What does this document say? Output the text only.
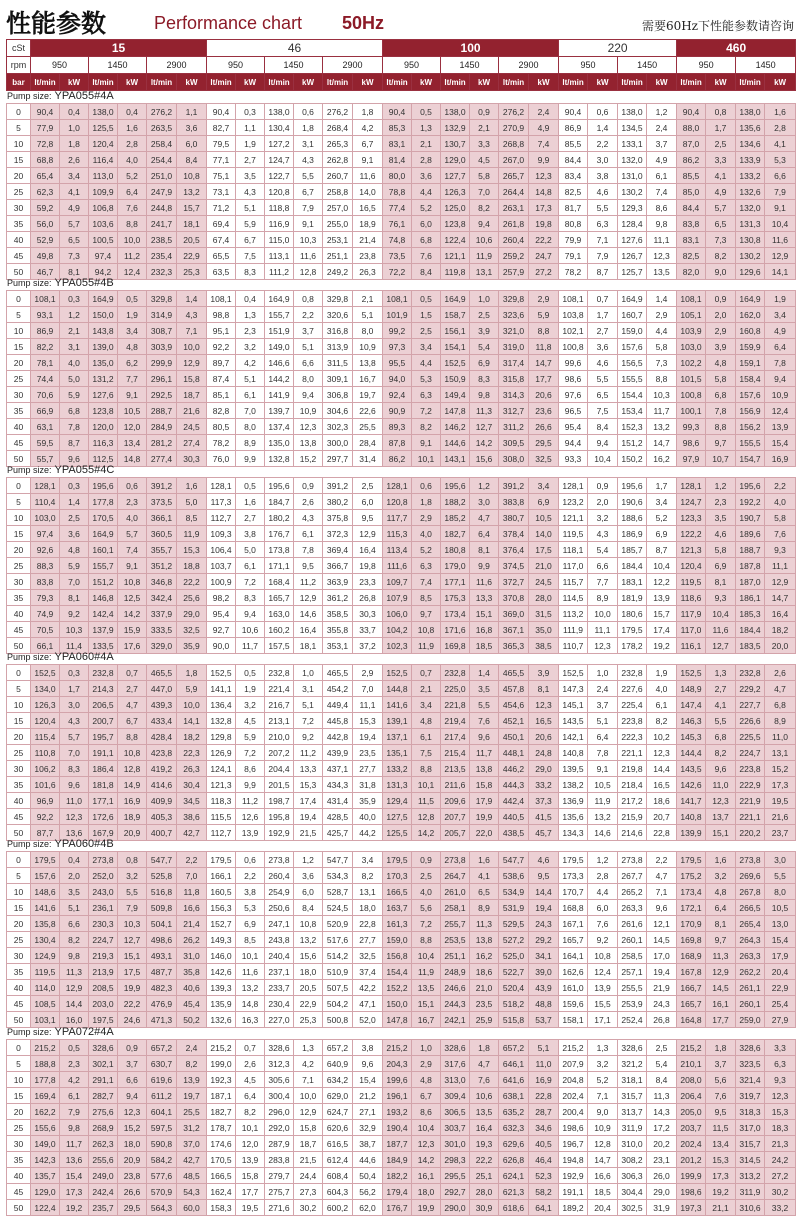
性能参数	Performance chart 50Hz	需要60Hz下性能参数请咨询
cSt	15						46						100						220				460			
rpm	950		1450		2900		950		1450		2900		950		1450		2900		950		1450		950		1450	
bar	lt/min	kW	lt/min	kW	lt/min	kW	lt/min	kW	lt/min	kW	lt/min	kW	lt/min	kW	lt/min	kW	lt/min	kW	lt/min	kW	lt/min	kW	lt/min	kW	lt/min	kW
Pump size: YPA055#4A
0	90,4	0,4	138,0	0,4	276,2	1,1	90,4	0,3	138,0	0,6	276,2	1,8	90,4	0,5	138,0	0,9	276,2	2,4	90,4	0,6	138,0	1,2	90,4	0,8	138,0	1,6
5	77,9	1,0	125,5	1,6	263,5	3,6	82,7	1,1	130,4	1,8	268,4	4,2	85,3	1,3	132,9	2,1	270,9	4,9	86,9	1,4	134,5	2,4	88,0	1,7	135,6	2,8
10	72,8	1,8	120,4	2,8	258,4	6,0	79,5	1,9	127,2	3,1	265,3	6,7	83,1	2,1	130,7	3,3	268,8	7,4	85,5	2,2	133,1	3,7	87,0	2,5	134,6	4,1
15	68,8	2,6	116,4	4,0	254,4	8,4	77,1	2,7	124,7	4,3	262,8	9,1	81,4	2,8	129,0	4,5	267,0	9,9	84,4	3,0	132,0	4,9	86,2	3,3	133,9	5,3
20	65,4	3,4	113,0	5,2	251,0	10,8	75,1	3,5	122,7	5,5	260,7	11,6	80,0	3,6	127,7	5,8	265,7	12,3	83,4	3,8	131,0	6,1	85,5	4,1	133,2	6,6
25	62,3	4,1	109,9	6,4	247,9	13,2	73,1	4,3	120,8	6,7	258,8	14,0	78,8	4,4	126,3	7,0	264,4	14,8	82,5	4,6	130,2	7,4	85,0	4,9	132,6	7,9
30	59,2	4,9	106,8	7,6	244,8	15,7	71,2	5,1	118,8	7,9	257,0	16,5	77,4	5,2	125,0	8,2	263,1	17,3	81,7	5,5	129,3	8,6	84,4	5,7	132,0	9,1
35	56,0	5,7	103,6	8,8	241,7	18,1	69,4	5,9	116,9	9,1	255,0	18,9	76,1	6,0	123,8	9,4	261,8	19,8	80,8	6,3	128,4	9,8	83,8	6,5	131,3	10,4
40	52,9	6,5	100,5	10,0	238,5	20,5	67,4	6,7	115,0	10,3	253,1	21,4	74,8	6,8	122,4	10,6	260,4	22,2	79,9	7,1	127,6	11,1	83,1	7,3	130,8	11,6
45	49,8	7,3	97,4	11,2	235,4	22,9	65,5	7,5	113,1	11,6	251,1	23,8	73,5	7,6	121,1	11,9	259,2	24,7	79,1	7,9	126,7	12,3	82,5	8,2	130,2	12,9
50	46,7	8,1	94,2	12,4	232,3	25,3	63,5	8,3	111,2	12,8	249,2	26,3	72,2	8,4	119,8	13,1	257,9	27,2	78,2	8,7	125,7	13,5	82,0	9,0	129,6	14,1
Pump size: YPA055#4B
0	108,1	0,3	164,9	0,5	329,8	1,4	108,1	0,4	164,9	0,8	329,8	2,1	108,1	0,5	164,9	1,0	329,8	2,9	108,1	0,7	164,9	1,4	108,1	0,9	164,9	1,9
5	93,1	1,2	150,0	1,9	314,9	4,3	98,8	1,3	155,7	2,2	320,6	5,1	101,9	1,5	158,7	2,5	323,6	5,9	103,8	1,7	160,7	2,9	105,1	2,0	162,0	3,4
10	86,9	2,1	143,8	3,4	308,7	7,1	95,1	2,3	151,9	3,7	316,8	8,0	99,2	2,5	156,1	3,9	321,0	8,8	102,1	2,7	159,0	4,4	103,9	2,9	160,8	4,9
15	82,2	3,1	139,0	4,8	303,9	10,0	92,2	3,2	149,0	5,1	313,9	10,9	97,3	3,4	154,1	5,4	319,0	11,8	100,8	3,6	157,6	5,8	103,0	3,9	159,9	6,4
20	78,1	4,0	135,0	6,2	299,9	12,9	89,7	4,2	146,6	6,6	311,5	13,8	95,5	4,4	152,5	6,9	317,4	14,7	99,6	4,6	156,5	7,3	102,2	4,8	159,1	7,8
25	74,4	5,0	131,2	7,7	296,1	15,8	87,4	5,1	144,2	8,0	309,1	16,7	94,0	5,3	150,9	8,3	315,8	17,7	98,6	5,5	155,5	8,8	101,5	5,8	158,4	9,4
30	70,6	5,9	127,6	9,1	292,5	18,7	85,1	6,1	141,9	9,4	306,8	19,7	92,4	6,3	149,4	9,8	314,3	20,6	97,6	6,5	154,4	10,3	100,8	6,8	157,6	10,9
35	66,9	6,8	123,8	10,5	288,7	21,6	82,8	7,0	139,7	10,9	304,6	22,6	90,9	7,2	147,8	11,3	312,7	23,6	96,5	7,5	153,4	11,7	100,1	7,8	156,9	12,4
40	63,1	7,8	120,0	12,0	284,9	24,5	80,5	8,0	137,4	12,3	302,3	25,5	89,3	8,2	146,2	12,7	311,2	26,6	95,4	8,4	152,3	13,2	99,3	8,8	156,2	13,9
45	59,5	8,7	116,3	13,4	281,2	27,4	78,2	8,9	135,0	13,8	300,0	28,4	87,8	9,1	144,6	14,2	309,5	29,5	94,4	9,4	151,2	14,7	98,6	9,7	155,5	15,4
50	55,7	9,6	112,5	14,8	277,4	30,3	76,0	9,9	132,8	15,2	297,7	31,4	86,2	10,1	143,1	15,6	308,0	32,5	93,3	10,4	150,2	16,2	97,9	10,7	154,7	16,9
Pump size: YPA055#4C
0	128,1	0,3	195,6	0,6	391,2	1,6	128,1	0,5	195,6	0,9	391,2	2,5	128,1	0,6	195,6	1,2	391,2	3,4	128,1	0,9	195,6	1,7	128,1	1,2	195,6	2,2
5	110,4	1,4	177,8	2,3	373,5	5,0	117,3	1,6	184,7	2,6	380,2	6,0	120,8	1,8	188,2	3,0	383,8	6,9	123,2	2,0	190,6	3,4	124,7	2,3	192,2	4,0
10	103,0	2,5	170,5	4,0	366,1	8,5	112,7	2,7	180,2	4,3	375,8	9,5	117,7	2,9	185,2	4,7	380,7	10,5	121,1	3,2	188,6	5,2	123,3	3,5	190,7	5,8
15	97,4	3,6	164,9	5,7	360,5	11,9	109,3	3,8	176,7	6,1	372,3	12,9	115,3	4,0	182,7	6,4	378,4	14,0	119,5	4,3	186,9	6,9	122,2	4,6	189,6	7,6
20	92,6	4,8	160,1	7,4	355,7	15,3	106,4	5,0	173,8	7,8	369,4	16,4	113,4	5,2	180,8	8,1	376,4	17,5	118,1	5,4	185,7	8,7	121,3	5,8	188,7	9,3
25	88,3	5,9	155,7	9,1	351,2	18,8	103,7	6,1	171,1	9,5	366,7	19,8	111,6	6,3	179,0	9,9	374,5	21,0	117,0	6,6	184,4	10,4	120,4	6,9	187,8	11,1
30	83,8	7,0	151,2	10,8	346,8	22,2	100,9	7,2	168,4	11,2	363,9	23,3	109,7	7,4	177,1	11,6	372,7	24,5	115,7	7,7	183,1	12,2	119,5	8,1	187,0	12,9
35	79,3	8,1	146,8	12,5	342,4	25,6	98,2	8,3	165,7	12,9	361,2	26,8	107,9	8,5	175,3	13,3	370,8	28,0	114,5	8,9	181,9	13,9	118,6	9,3	186,1	14,7
40	74,9	9,2	142,4	14,2	337,9	29,0	95,4	9,4	163,0	14,6	358,5	30,3	106,0	9,7	173,4	15,1	369,0	31,5	113,2	10,0	180,6	15,7	117,9	10,4	185,3	16,4
45	70,5	10,3	137,9	15,9	333,5	32,5	92,7	10,6	160,2	16,4	355,8	33,7	104,2	10,8	171,6	16,8	367,1	35,0	111,9	11,1	179,5	17,4	117,0	11,6	184,4	18,2
50	66,1	11,4	133,5	17,6	329,0	35,9	90,0	11,7	157,5	18,1	353,1	37,2	102,3	11,9	169,8	18,5	365,3	38,5	110,7	12,3	178,2	19,2	116,1	12,7	183,5	20,0
Pump size: YPA060#4A
0	152,5	0,3	232,8	0,7	465,5	1,8	152,5	0,5	232,8	1,0	465,5	2,9	152,5	0,7	232,8	1,4	465,5	3,9	152,5	1,0	232,8	1,9	152,5	1,3	232,8	2,6
5	134,0	1,7	214,3	2,7	447,0	5,9	141,1	1,9	221,4	3,1	454,2	7,0	144,8	2,1	225,0	3,5	457,8	8,1	147,3	2,4	227,6	4,0	148,9	2,7	229,2	4,7
10	126,3	3,0	206,5	4,7	439,3	10,0	136,4	3,2	216,7	5,1	449,4	11,1	141,6	3,4	221,8	5,5	454,6	12,3	145,1	3,7	225,4	6,1	147,4	4,1	227,7	6,8
15	120,4	4,3	200,7	6,7	433,4	14,1	132,8	4,5	213,1	7,2	445,8	15,3	139,1	4,8	219,4	7,6	452,1	16,5	143,5	5,1	223,8	8,2	146,3	5,5	226,6	8,9
20	115,4	5,7	195,7	8,8	428,4	18,2	129,8	5,9	210,0	9,2	442,8	19,4	137,1	6,1	217,4	9,6	450,1	20,6	142,1	6,4	222,3	10,2	145,3	6,8	225,5	11,0
25	110,8	7,0	191,1	10,8	423,8	22,3	126,9	7,2	207,2	11,2	439,9	23,5	135,1	7,5	215,4	11,7	448,1	24,8	140,8	7,8	221,1	12,3	144,4	8,2	224,7	13,1
30	106,2	8,3	186,4	12,8	419,2	26,3	124,1	8,6	204,4	13,3	437,1	27,7	133,2	8,8	213,5	13,8	446,2	29,0	139,5	9,1	219,8	14,4	143,5	9,6	223,8	15,2
35	101,6	9,6	181,8	14,9	414,6	30,4	121,3	9,9	201,5	15,3	434,3	31,8	131,3	10,1	211,6	15,8	444,3	33,2	138,2	10,5	218,4	16,5	142,6	11,0	222,9	17,3
40	96,9	11,0	177,1	16,9	409,9	34,5	118,3	11,2	198,7	17,4	431,4	35,9	129,4	11,5	209,6	17,9	442,4	37,3	136,9	11,9	217,2	18,6	141,7	12,3	221,9	19,5
45	92,2	12,3	172,6	18,9	405,3	38,6	115,5	12,6	195,8	19,4	428,5	40,0	127,5	12,8	207,7	19,9	440,5	41,5	135,6	13,2	215,9	20,7	140,8	13,7	221,1	21,6
50	87,7	13,6	167,9	20,9	400,7	42,7	112,7	13,9	192,9	21,5	425,7	44,2	125,5	14,2	205,7	22,0	438,5	45,7	134,3	14,6	214,6	22,8	139,9	15,1	220,2	23,7
Pump size: YPA060#4B
0	179,5	0,4	273,8	0,8	547,7	2,2	179,5	0,6	273,8	1,2	547,7	3,4	179,5	0,9	273,8	1,6	547,7	4,6	179,5	1,2	273,8	2,2	179,5	1,6	273,8	3,0
5	157,6	2,0	252,0	3,2	525,8	7,0	166,1	2,2	260,4	3,6	534,3	8,2	170,3	2,5	264,7	4,1	538,6	9,5	173,3	2,8	267,7	4,7	175,2	3,2	269,6	5,5
10	148,6	3,5	243,0	5,5	516,8	11,8	160,5	3,8	254,9	6,0	528,7	13,1	166,5	4,0	261,0	6,5	534,9	14,4	170,7	4,4	265,2	7,1	173,4	4,8	267,8	8,0
15	141,6	5,1	236,1	7,9	509,8	16,6	156,3	5,3	250,6	8,4	524,5	18,0	163,7	5,6	258,1	8,9	531,9	19,4	168,8	6,0	263,3	9,6	172,1	6,4	266,5	10,5
20	135,8	6,6	230,3	10,3	504,1	21,4	152,7	6,9	247,1	10,8	520,9	22,8	161,3	7,2	255,7	11,3	529,5	24,3	167,1	7,6	261,6	12,1	170,9	8,1	265,4	13,0
25	130,4	8,2	224,7	12,7	498,6	26,2	149,3	8,5	243,8	13,2	517,6	27,7	159,0	8,8	253,5	13,8	527,2	29,2	165,7	9,2	260,1	14,5	169,8	9,7	264,3	15,4
30	124,9	9,8	219,3	15,1	493,1	31,0	146,0	10,1	240,4	15,6	514,2	32,5	156,8	10,4	251,1	16,2	525,0	34,1	164,1	10,8	258,5	17,0	168,9	11,3	263,3	17,9
35	119,5	11,3	213,9	17,5	487,7	35,8	142,6	11,6	237,1	18,0	510,9	37,4	154,4	11,9	248,9	18,6	522,7	39,0	162,6	12,4	257,1	19,4	167,8	12,9	262,2	20,4
40	114,0	12,9	208,5	19,9	482,3	40,6	139,3	13,2	233,7	20,5	507,5	42,2	152,2	13,5	246,6	21,0	520,4	43,9	161,0	13,9	255,5	21,9	166,7	14,5	261,1	22,9
45	108,5	14,4	203,0	22,2	476,9	45,4	135,9	14,8	230,4	22,9	504,2	47,1	150,0	15,1	244,3	23,5	518,2	48,8	159,6	15,5	253,9	24,3	165,7	16,1	260,1	25,4
50	103,1	16,0	197,5	24,6	471,3	50,2	132,6	16,3	227,0	25,3	500,8	52,0	147,8	16,7	242,1	25,9	515,8	53,7	158,1	17,1	252,4	26,8	164,8	17,7	259,0	27,9
Pump size: YPA072#4A
0	215,2	0,5	328,6	0,9	657,2	2,4	215,2	0,7	328,6	1,3	657,2	3,8	215,2	1,0	328,6	1,8	657,2	5,1	215,2	1,3	328,6	2,5	215,2	1,8	328,6	3,3
5	188,8	2,3	302,1	3,7	630,7	8,2	199,0	2,6	312,3	4,2	640,9	9,6	204,3	2,9	317,6	4,7	646,1	11,0	207,9	3,2	321,2	5,4	210,1	3,7	323,5	6,3
10	177,8	4,2	291,1	6,6	619,6	13,9	192,3	4,5	305,6	7,1	634,2	15,4	199,6	4,8	313,0	7,6	641,6	16,9	204,8	5,2	318,1	8,4	208,0	5,6	321,4	9,3
15	169,4	6,1	282,7	9,4	611,2	19,7	187,1	6,4	300,4	10,0	629,0	21,2	196,1	6,7	309,4	10,6	638,1	22,8	202,4	7,1	315,7	11,3	206,4	7,6	319,7	12,3
20	162,2	7,9	275,6	12,3	604,1	25,5	182,7	8,2	296,0	12,9	624,7	27,1	193,2	8,6	306,5	13,5	635,2	28,7	200,4	9,0	313,7	14,3	205,0	9,5	318,3	15,3
25	155,6	9,8	268,9	15,2	597,5	31,2	178,7	10,1	292,0	15,8	620,6	32,9	190,4	10,4	303,7	16,4	632,3	34,6	198,6	10,9	311,9	17,2	203,7	11,5	317,0	18,3
30	149,0	11,7	262,3	18,0	590,8	37,0	174,6	12,0	287,9	18,7	616,5	38,7	187,7	12,3	301,0	19,3	629,6	40,5	196,7	12,8	310,0	20,2	202,4	13,4	315,7	21,3
35	142,3	13,6	255,6	20,9	584,2	42,7	170,5	13,9	283,8	21,5	612,4	44,6	184,9	14,2	298,3	22,2	626,8	46,4	194,8	14,7	308,2	23,1	201,2	15,3	314,5	24,2
40	135,7	15,4	249,0	23,8	577,6	48,5	166,5	15,8	279,7	24,4	608,4	50,4	182,2	16,1	295,5	25,1	624,1	52,3	192,9	16,6	306,3	26,0	199,9	17,3	313,2	27,2
45	129,0	17,3	242,4	26,6	570,9	54,3	162,4	17,7	275,7	27,3	604,3	56,2	179,4	18,0	292,7	28,0	621,3	58,2	191,1	18,5	304,4	29,0	198,6	19,2	311,9	30,2
50	122,4	19,2	235,7	29,5	564,3	60,0	158,3	19,5	271,6	30,2	600,2	62,0	176,7	19,9	290,0	30,9	618,6	64,1	189,2	20,4	302,5	31,9	197,3	21,1	310,6	33,2
